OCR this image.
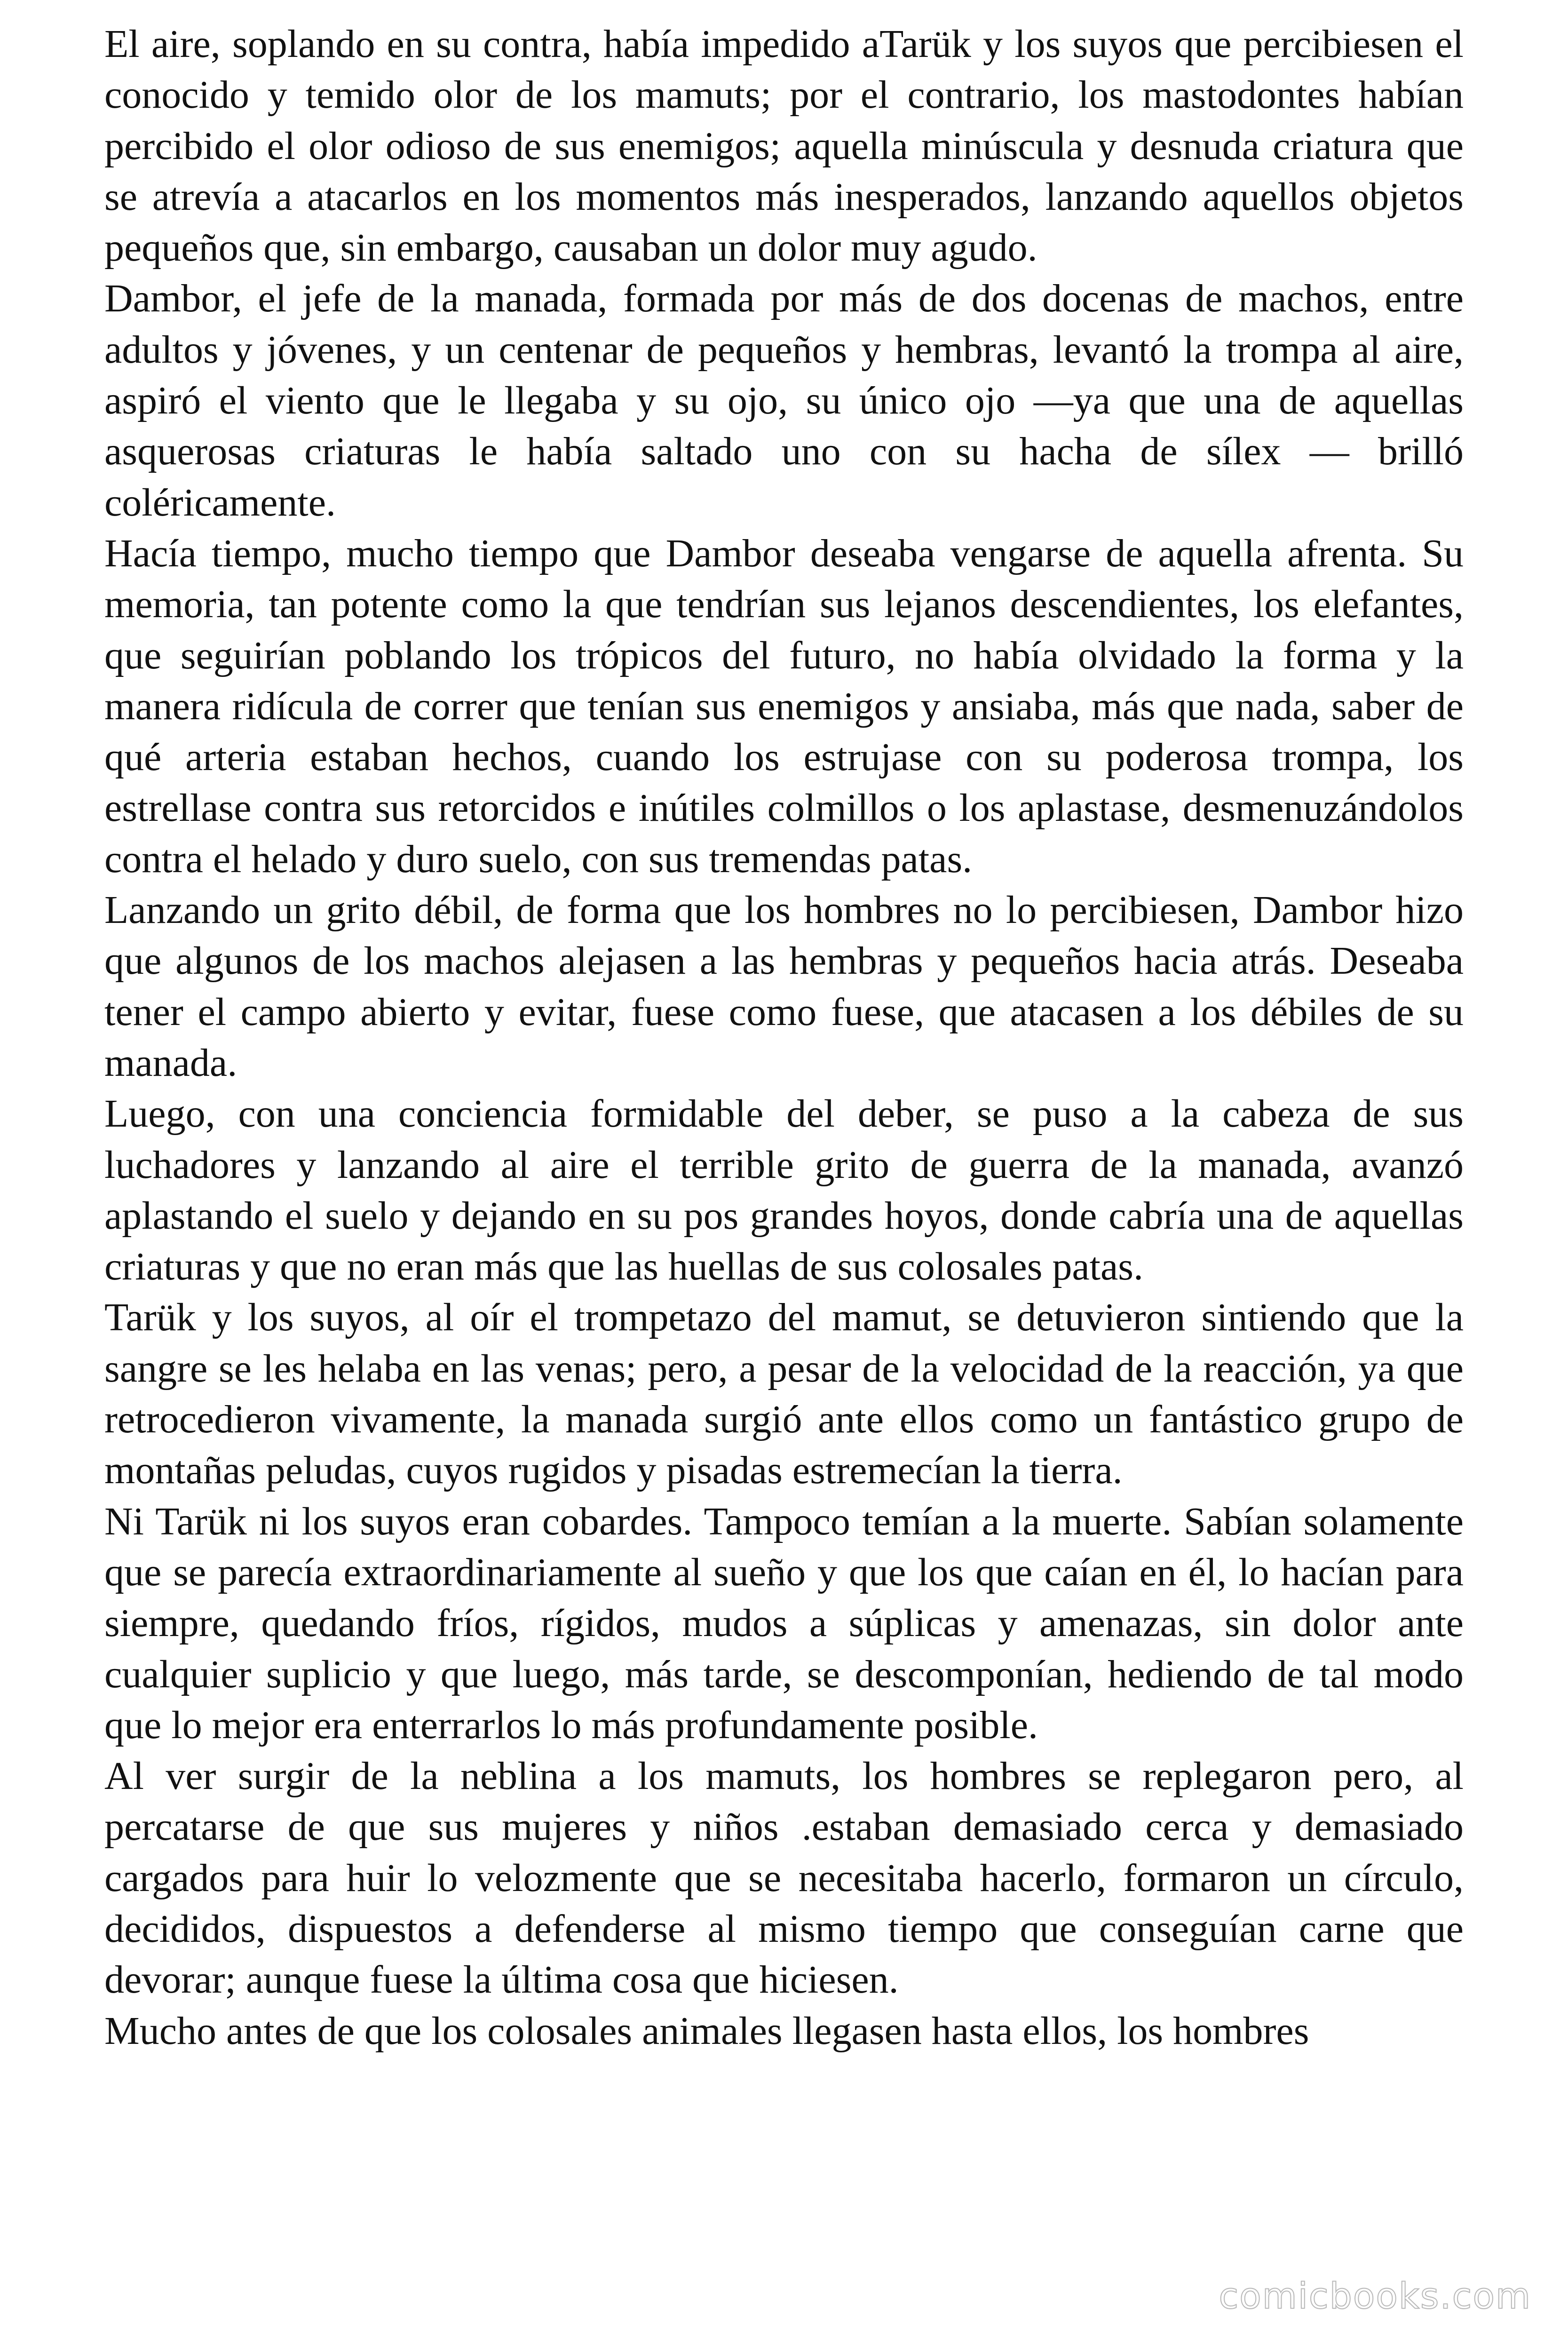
El aire, soplando en su contra, había impedido aTarük y los suyos que percibiesen el conocido y temido olor de los mamuts; por el contrario, los mastodontes habían percibido el olor odioso de sus enemigos; aquella minúscula y desnuda criatura que se atrevía a atacarlos en los momentos más inesperados, lanzando aquellos objetos pequeños que, sin embargo, causaban un dolor muy agudo.

Dambor, el jefe de la manada, formada por más de dos docenas de machos, entre adultos y jóvenes, y un centenar de pequeños y hembras, levantó la trompa al aire, aspiró el viento que le llegaba y su ojo, su único ojo —ya que una de aquellas asquerosas criaturas le había saltado uno con su hacha de sílex — brilló coléricamente.

Hacía tiempo, mucho tiempo que Dambor deseaba vengarse de aquella afrenta. Su memoria, tan potente como la que tendrían sus lejanos descendientes, los elefantes, que seguirían poblando los trópicos del futuro, no había olvidado la forma y la manera ridícula de correr que tenían sus enemigos y ansiaba, más que nada, saber de qué arteria estaban hechos, cuando los estrujase con su poderosa trompa, los estrellase contra sus retorcidos e inútiles colmillos o los aplastase, desmenuzándolos contra el helado y duro suelo, con sus tremendas patas.

Lanzando un grito débil, de forma que los hombres no lo percibiesen, Dambor hizo que algunos de los machos alejasen a las hembras y pequeños hacia atrás. Deseaba tener el campo abierto y evitar, fuese como fuese, que atacasen a los débiles de su manada.

Luego, con una conciencia formidable del deber, se puso a la cabeza de sus luchadores y lanzando al aire el terrible grito de guerra de la manada, avanzó aplastando el suelo y dejando en su pos grandes hoyos, donde cabría una de aquellas criaturas y que no eran más que las huellas de sus colosales patas.

Tarük y los suyos, al oír el trompetazo del mamut, se detuvieron sintiendo que la sangre se les helaba en las venas; pero, a pesar de la velocidad de la reacción, ya que retrocedieron vivamente, la manada surgió ante ellos como un fantástico grupo de montañas peludas, cuyos rugidos y pisadas estremecían la tierra.

Ni Tarük ni los suyos eran cobardes. Tampoco temían a la muerte. Sabían solamente que se parecía extraordinariamente al sueño y que los que caían en él, lo hacían para siempre, quedando fríos, rígidos, mudos a súplicas y amenazas, sin dolor ante cualquier suplicio y que luego, más tarde, se descomponían, hediendo de tal modo que lo mejor era enterrarlos lo más profundamente posible.

Al ver surgir de la neblina a los mamuts, los hombres se replegaron pero, al percatarse de que sus mujeres y niños .estaban demasiado cerca y demasiado cargados para huir lo velozmente que se necesitaba hacerlo, formaron un círculo, decididos, dispuestos a defenderse al mismo tiempo que conseguían carne que devorar; aunque fuese la última cosa que hiciesen.

Mucho antes de que los colosales animales llegasen hasta ellos, los hombres

comicbooks.com
